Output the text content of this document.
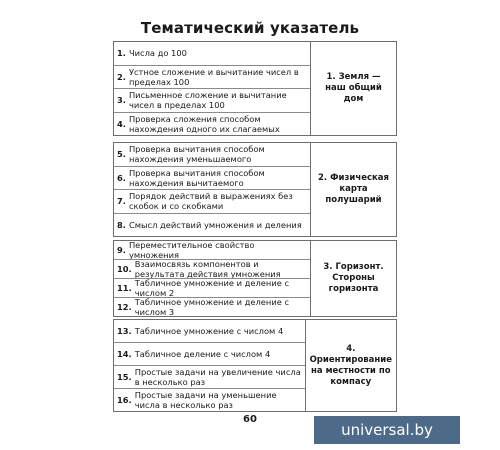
Тематический указатель
1. Числа до 100
2. Устное сложение и вычитание чисел в пределах 100
3. Письменное сложение и вычитание чисел в пределах 100
4. Проверка сложения способом нахождения одного их слагаемых
1. Земля — наш общий дом
5. Проверка вычитания способом нахождения уменьшаемого
6. Проверка вычитания способом нахождения вычитаемого
7. Порядок действий в выражениях без скобок и со скобками
8. Смысл действий умножения и деления
2. Физическая карта полушарий
9. Переместительное свойство умножения
10. Взаимосвязь компонентов и результата действия умножения
11. Табличное умножение и деление с числом 2
12. Табличное умножение и деление с числом 3
3. Горизонт. Стороны горизонта
13. Табличное умножение с числом 4
14. Табличное деление с числом 4
15. Простые задачи на увеличение числа в несколько раз
16. Простые задачи на уменьшение числа в несколько раз
4. Ориентирование на местности по компасу
60
universal.by
